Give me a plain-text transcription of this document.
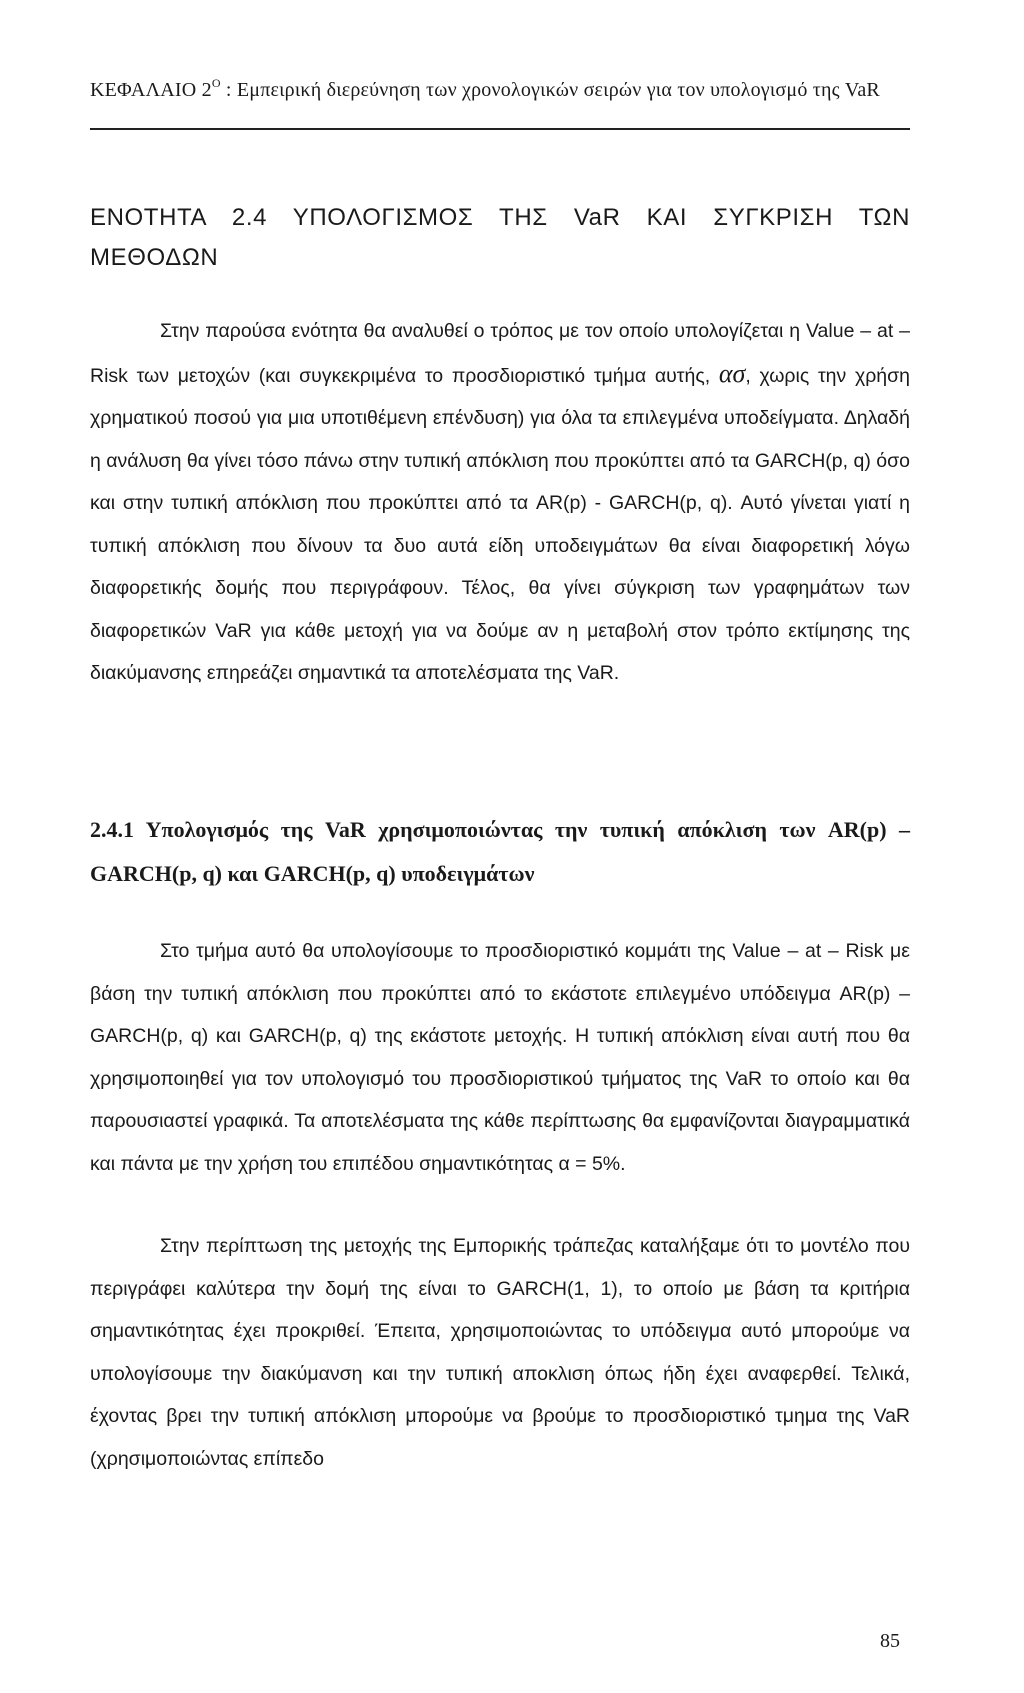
ΚΕΦΑΛΑΙΟ $2^O$ : Εμπειρική διερεύνηση των χρονολογικών σειρών για τον υπολογισμό της VaR
ΕΝΟΤΗΤΑ 2.4 ΥΠΟΛΟΓΙΣΜΟΣ ΤΗΣ VaR ΚΑΙ ΣΥΓΚΡΙΣΗ ΤΩΝ ΜΕΘΟΔΩΝ

Στην παρούσα ενότητα θα αναλυθεί ο τρόπος με τον οποίο υπολογίζεται η Value – at – Risk των μετοχών (και συγκεκριμένα το προσδιοριστικό τμήμα αυτής, ασ, χωρις την χρήση χρηματικού ποσού για μια υποτιθέμενη επένδυση) για όλα τα επιλεγμένα υποδείγματα. Δηλαδή η ανάλυση θα γίνει τόσο πάνω στην τυπική απόκλιση που προκύπτει από τα GARCH(p, q) όσο και στην τυπική απόκλιση που προκύπτει από τα AR(p) - GARCH(p, q). Αυτό γίνεται γιατί η τυπική απόκλιση που δίνουν τα δυο αυτά είδη υποδειγμάτων θα είναι διαφορετική λόγω διαφορετικής δομής που περιγράφουν. Τέλος, θα γίνει σύγκριση των γραφημάτων των διαφορετικών VaR για κάθε μετοχή για να δούμε αν η μεταβολή στον τρόπο εκτίμησης της διακύμανσης επηρεάζει σημαντικά τα αποτελέσματα της VaR.

2.4.1 Υπολογισμός της VaR χρησιμοποιώντας την τυπική απόκλιση των AR(p) – GARCH(p, q) και GARCH(p, q) υποδειγμάτων

Στο τμήμα αυτό θα υπολογίσουμε το προσδιοριστικό κομμάτι της Value – at – Risk με βάση την τυπική απόκλιση που προκύπτει από το εκάστοτε επιλεγμένο υπόδειγμα AR(p) – GARCH(p, q) και GARCH(p, q) της εκάστοτε μετοχής. Η τυπική απόκλιση είναι αυτή που θα χρησιμοποιηθεί για τον υπολογισμό του προσδιοριστικού τμήματος της VaR το οποίο και θα παρουσιαστεί γραφικά. Τα αποτελέσματα της κάθε περίπτωσης θα εμφανίζονται διαγραμματικά και πάντα με την χρήση του επιπέδου σημαντικότητας α = 5%.

Στην περίπτωση της μετοχής της Εμπορικής τράπεζας καταλήξαμε ότι το μοντέλο που περιγράφει καλύτερα την δομή της είναι το GARCH(1, 1), το οποίο με βάση τα κριτήρια σημαντικότητας έχει προκριθεί. Έπειτα, χρησιμοποιώντας το υπόδειγμα αυτό μπορούμε να υπολογίσουμε την διακύμανση και την τυπική αποκλιση όπως ήδη έχει αναφερθεί. Τελικά, έχοντας βρει την τυπική απόκλιση μπορούμε να βρούμε το προσδιοριστικό τμημα της VaR (χρησιμοποιώντας επίπεδο

85
